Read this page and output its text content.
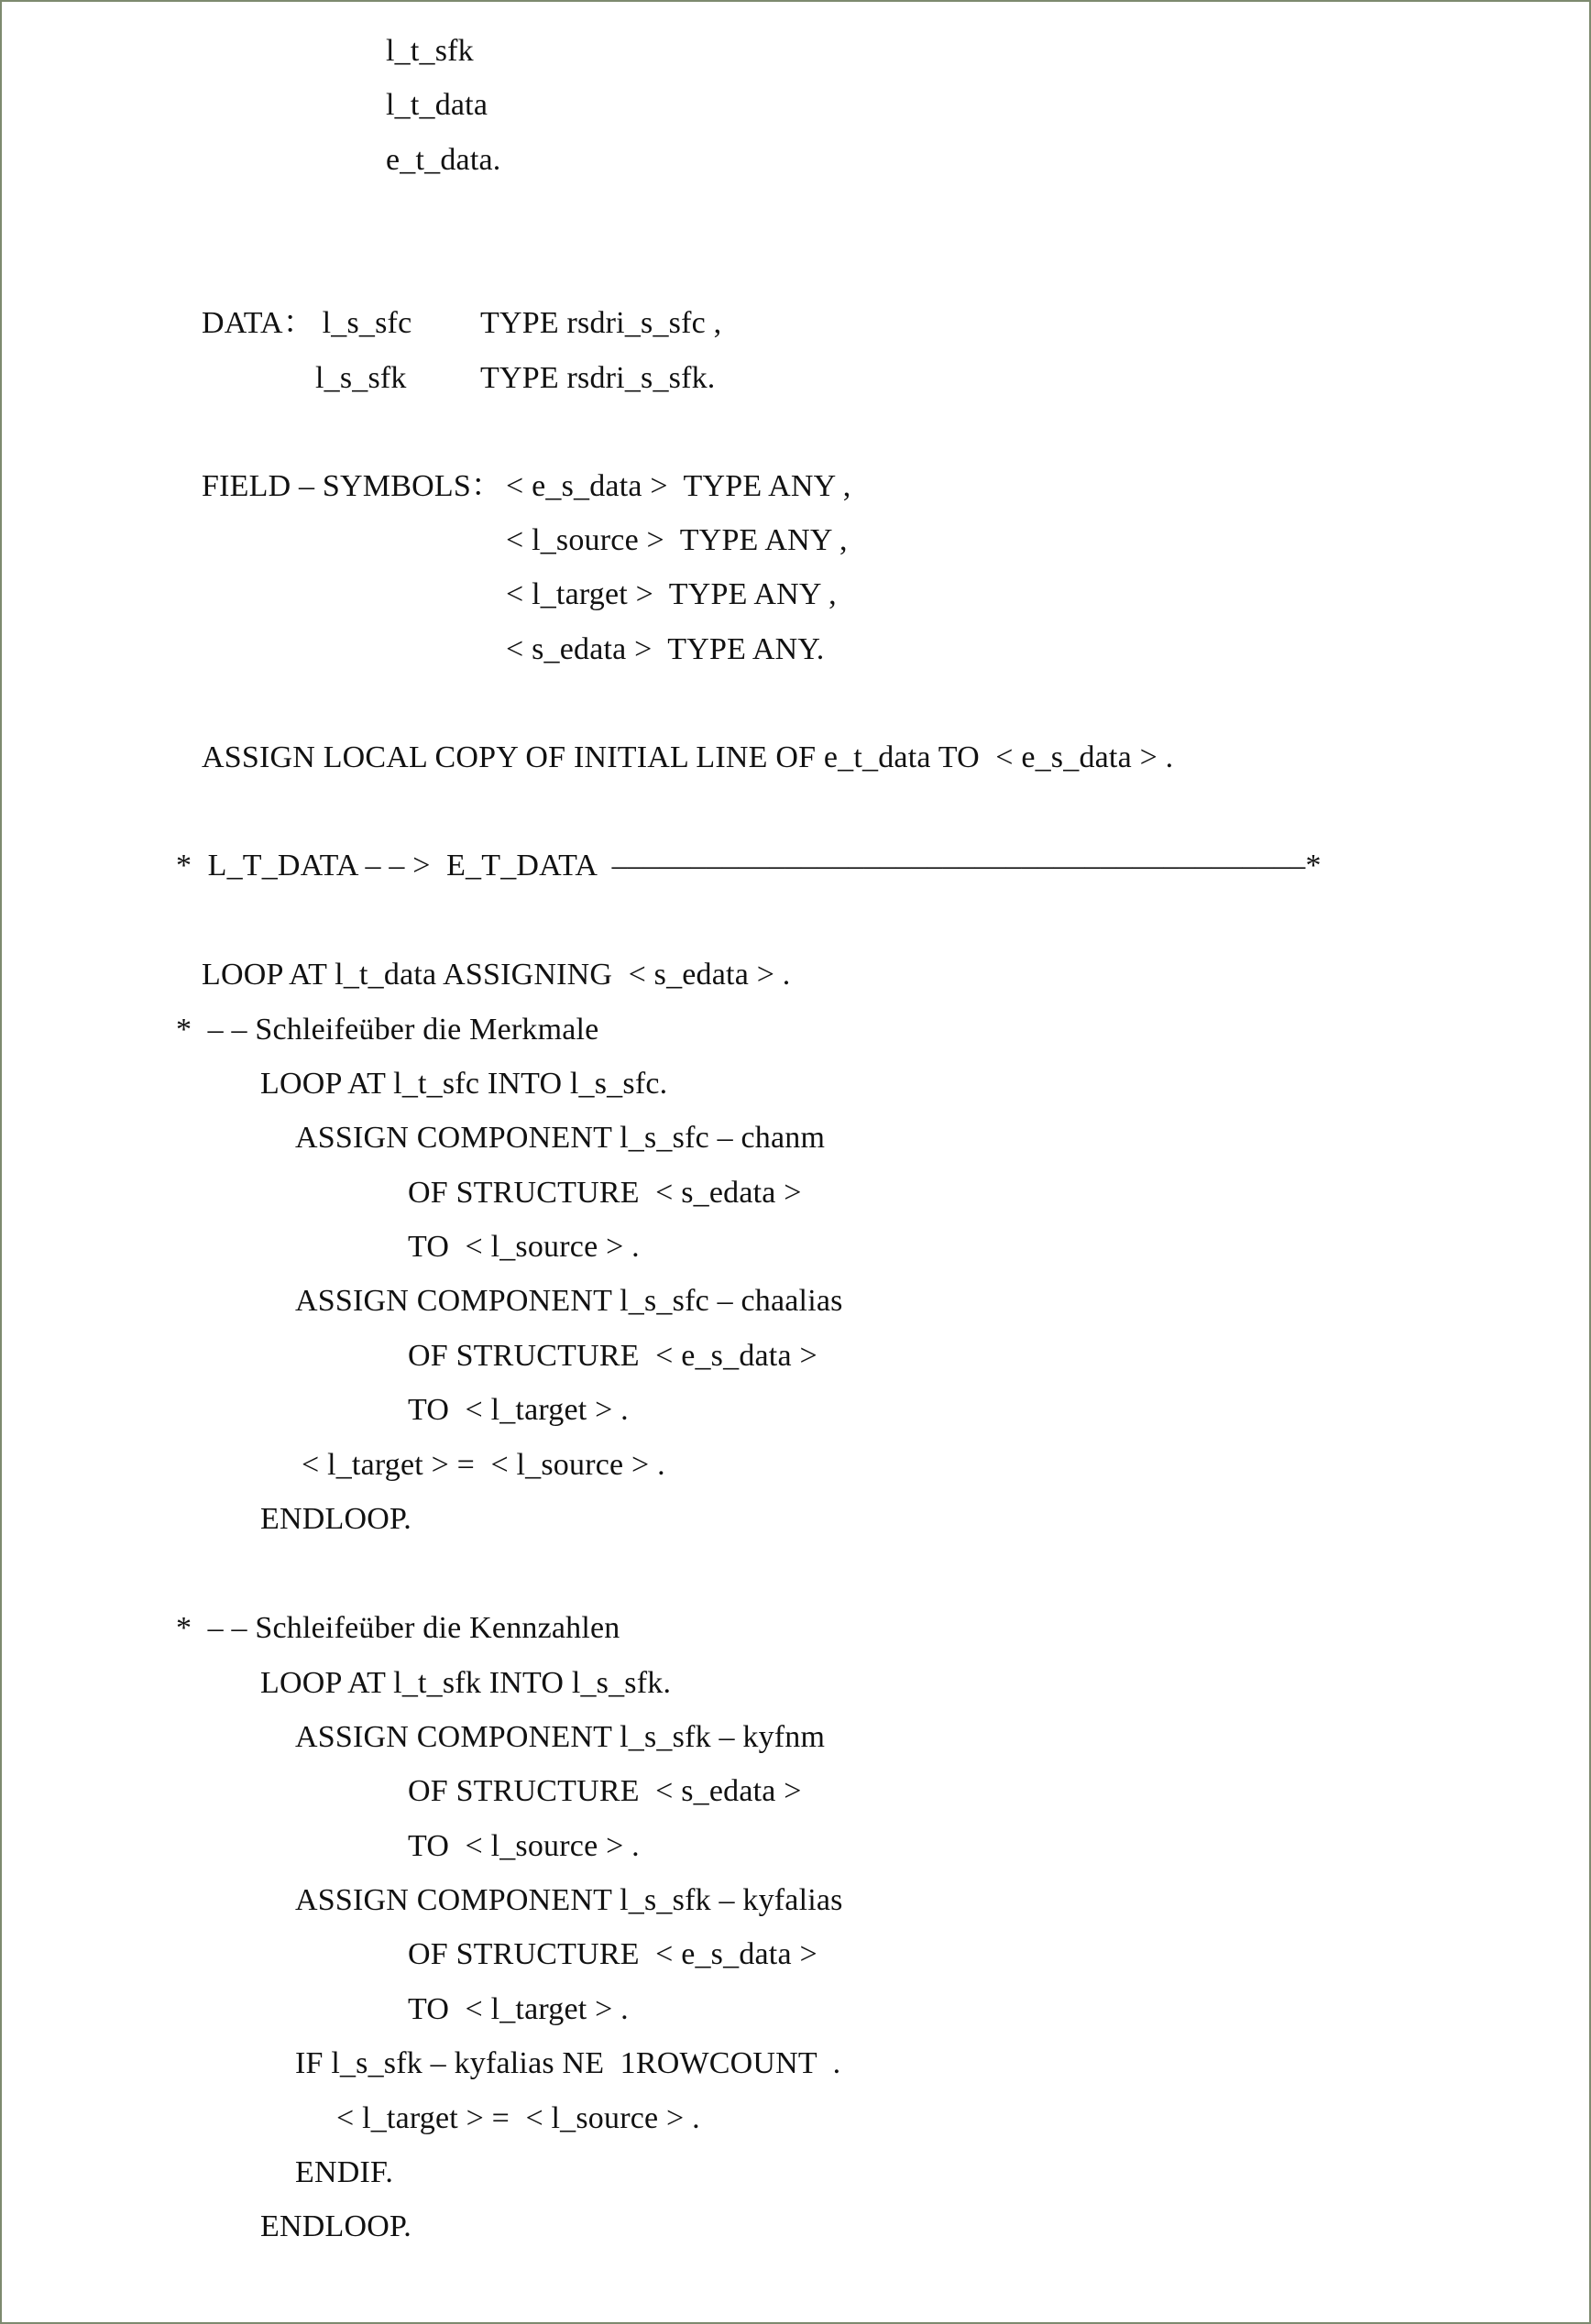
l_t_sfk
l_t_data
e_t_data.
DATA： l_s_sfc TYPE rsdri_s_sfc ,
l_s_sfk TYPE rsdri_s_sfk.
FIELD – SYMBOLS： < e_s_data >  TYPE ANY ,
< l_source >  TYPE ANY ,
< l_target >  TYPE ANY ,
< s_edata >  TYPE ANY.
ASSIGN LOCAL COPY OF INITIAL LINE OF e_t_data TO  < e_s_data > .
*  L_T_DATA – – >  E_T_DATA  ––––––––––––––––––––––––––––––––––––––––––––*
LOOP AT l_t_data ASSIGNING  < s_edata > .
*  – – Schleifeüber die Merkmale
LOOP AT l_t_sfc INTO l_s_sfc.
ASSIGN COMPONENT l_s_sfc – chanm
OF STRUCTURE  < s_edata >
TO  < l_source > .
ASSIGN COMPONENT l_s_sfc – chaalias
OF STRUCTURE  < e_s_data >
TO  < l_target > .
< l_target > =  < l_source > .
ENDLOOP.
*  – – Schleifeüber die Kennzahlen
LOOP AT l_t_sfk INTO l_s_sfk.
ASSIGN COMPONENT l_s_sfk – kyfnm
OF STRUCTURE  < s_edata >
TO  < l_source > .
ASSIGN COMPONENT l_s_sfk – kyfalias
OF STRUCTURE  < e_s_data >
TO  < l_target > .
IF l_s_sfk – kyfalias NE  1ROWCOUNT  .
< l_target > =  < l_source > .
ENDIF.
ENDLOOP.
